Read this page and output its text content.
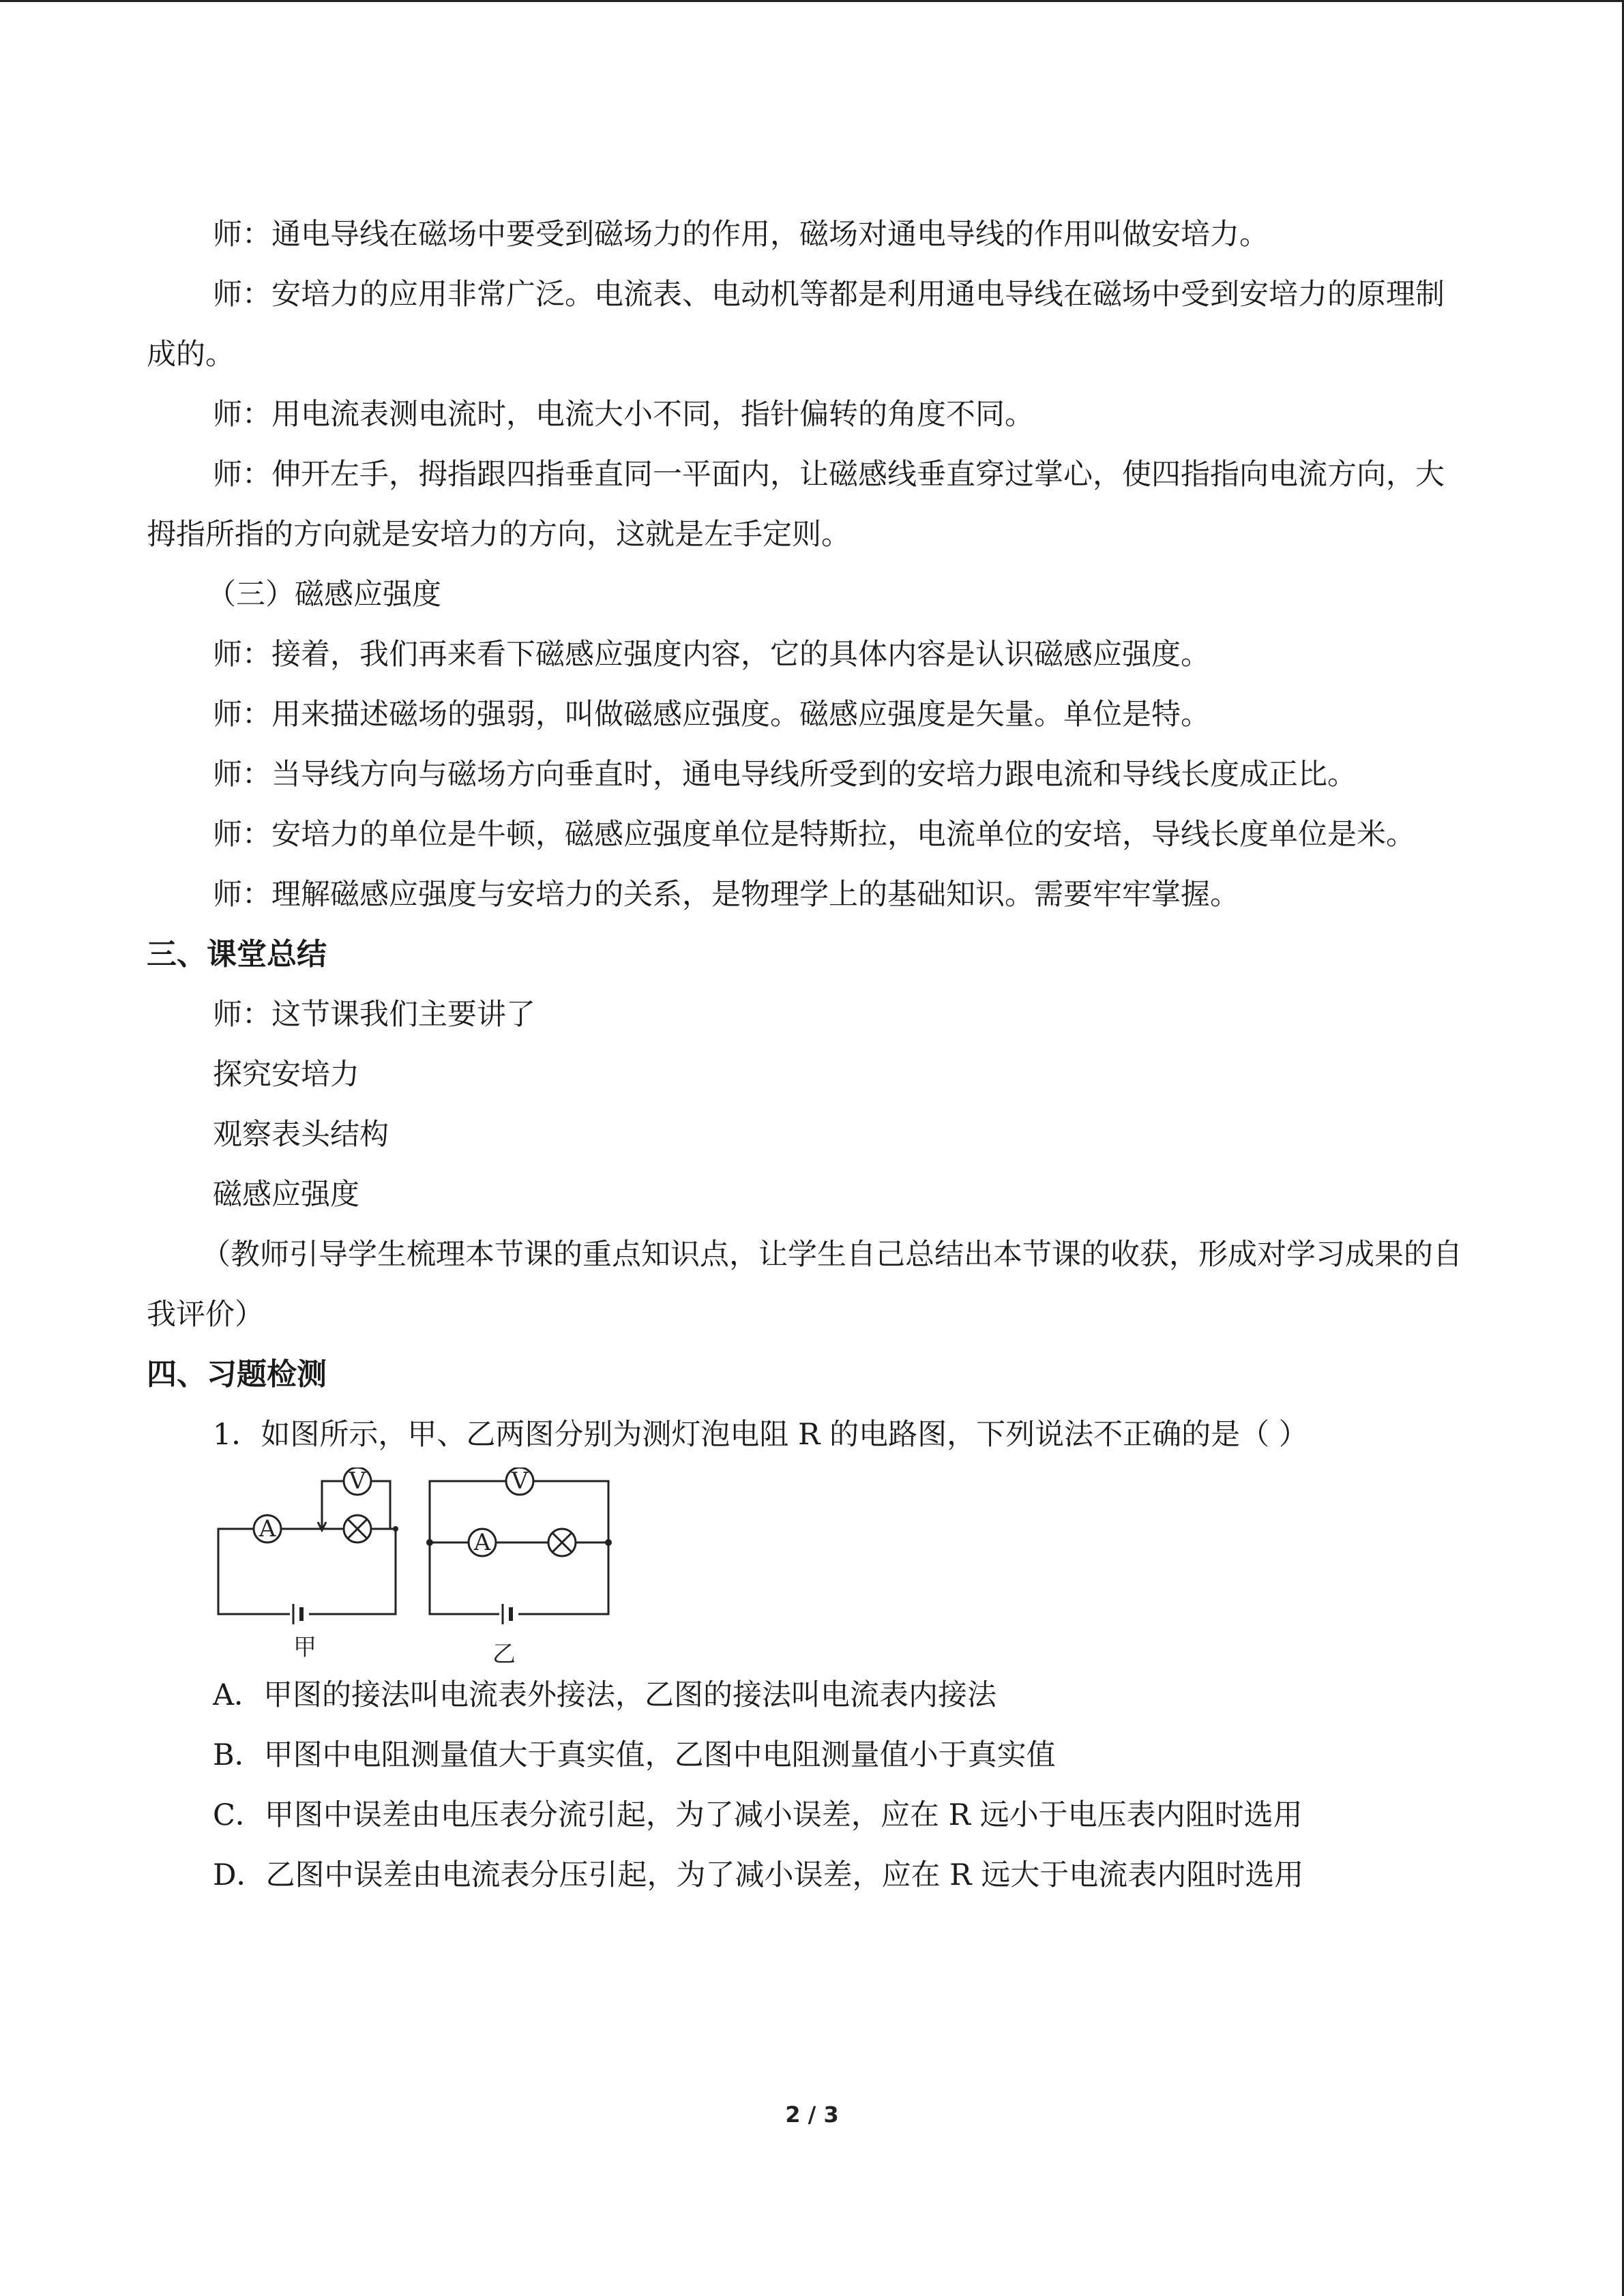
师：通电导线在磁场中要受到磁场力的作用，磁场对通电导线的作用叫做安培力。

师：安培力的应用非常广泛。电流表、电动机等都是利用通电导线在磁场中受到安培力的原理制成的。

师：用电流表测电流时，电流大小不同，指针偏转的角度不同。

师：伸开左手，拇指跟四指垂直同一平面内，让磁感线垂直穿过掌心，使四指指向电流方向，大拇指所指的方向就是安培力的方向，这就是左手定则。

（三）磁感应强度

师：接着，我们再来看下磁感应强度内容，它的具体内容是认识磁感应强度。

师：用来描述磁场的强弱，叫做磁感应强度。磁感应强度是矢量。单位是特。

师：当导线方向与磁场方向垂直时，通电导线所受到的安培力跟电流和导线长度成正比。

师：安培力的单位是牛顿，磁感应强度单位是特斯拉，电流单位的安培，导线长度单位是米。

师：理解磁感应强度与安培力的关系，是物理学上的基础知识。需要牢牢掌握。

三、课堂总结

师：这节课我们主要讲了

探究安培力

观察表头结构

磁感应强度

（教师引导学生梳理本节课的重点知识点，让学生自己总结出本节课的收获，形成对学习成果的自我评价）

四、习题检测

1．如图所示，甲、乙两图分别为测灯泡电阻 R 的电路图，下列说法不正确的是（ ）

A
V	V
A
甲	乙

A．甲图的接法叫电流表外接法，乙图的接法叫电流表内接法

B．甲图中电阻测量值大于真实值，乙图中电阻测量值小于真实值

C．甲图中误差由电压表分流引起，为了减小误差，应在 R 远小于电压表内阻时选用

D．乙图中误差由电流表分压引起，为了减小误差，应在 R 远大于电流表内阻时选用

2 / 3
